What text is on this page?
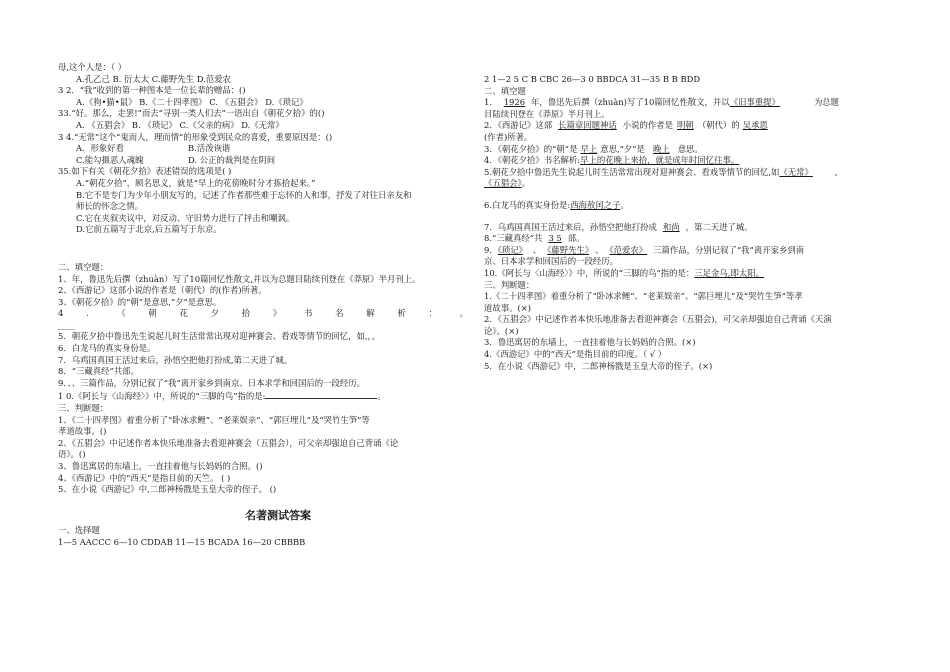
母,这个人是：（ ）
A.孔乙己 B. 衍太太 C.藤野先生 D.范爱农
3 2．“我”收到的第一种图本是一位长辈的赠品：()
A.《狗•猫•鼠》 B.《二十四孝图》 C. 《五猖会》 D.《琐记》
33.“好。那么，走罢!”而去“寻别一类人们去”一语出自《朝花夕拾》的()
A. 《五猖会》 B. 《琐记》 C.《父亲的病》 D.《无常》
3 4.“无常”这个“鬼而人，理而情”的形象受到民众的喜爱，重要原因是：()
A．形象好看	B.活泼诙谐
C.能勾摄恶人魂魄	D. 公正的裁判是在阴间
35.如下有关《朝花夕拾》表述错误的选项是( )
A.“朝花夕拾”，顾名思义，就是“早上的花傍晚时分才拣拾起来。”
B.它不是专门为少年小朋友写的，记述了作者那些难于忘怀的人和事，抒发了对往日亲友和
师长的怀念之情。
C.它在夹叙夹议中，对反动、守旧势力进行了抨击和嘲讽。
D.它前五篇写于北京,后五篇写于东京。
二、填空题：
1、年，鲁迅先后撰（zhuàn）写了10篇回忆性散文,并以为总题目陆续刊登在《莽原》半月刊上。
2、《西游记》这部小说的作者是（朝代）的(作者)所著。
3、《朝花夕拾》的“朝”是意思,“夕”是意思。
4	．	《	朝	花	夕	拾	》	书	名	解	析	：	。
____
5．朝花夕拾中鲁迅先生说起儿时生活常常出现对迎神赛会、看戏等情节的回忆，如,，。
6．白龙马的真实身份是。
7．乌鸡国真国王活过来后，孙悟空把他打扮成,第二天进了城。
8．“三藏真经”共部。
9．、、三篇作品，分别记叙了“我”离开家乡到南京、日本求学和回国后的一段经历。
1 0.《阿长与〈山海经〉》中，所说的“三脚的鸟”指的是:	。
三、判断题：
1、《二十四孝图》着重分析了“卧冰求鲤”、“老莱娱亲”、“郭巨埋儿”及“哭竹生笋”等
孝道故事。()
2、《五猖会》中记述作者本快乐地准备去看迎神赛会（五猖会），可父亲却强迫自己背诵《论
语》。()
3、鲁迅寓居的东墙上，一直挂着他与长妈妈的合照。()
4、《西游记》中的“西天”是指目前的天竺。 ( )
5、在小说《西游记》中,二郎神杨戬是玉皇大帝的侄子。 ()
名著测试答案
一、选择题
1—5 AACCC 6—10 CDDAB 11—15 BCADA 16—20 CBBBB
2 1—2 5 C B CBC 26—3 0 BBDCA 31—35 B B BDD
二、填空题
1． 1926 年，鲁迅先后撰（zhuàn)写了10篇回忆性散文，并以《旧事重提》	为总题
目陆续刊登在《莽原》半月刊上。
2．《西游记》这部 长篇章回题神话 小说的作者是 明朝 （朝代）的 吴承恩
(作者)所著。
3．《朝花夕拾》的“朝”是 早上 意思,“夕”是 晚上 意思。
4．《朝花夕拾》书名解析:早上的花晚上来拾，就是成年时回忆往事。
5.朝花夕拾中鲁迅先生说起儿时生活常常出现对迎神赛会、看戏等情节的回忆,如《无常》	,
《五猖会》。
6.白龙马的真实身份是:西海敖闰之子。
7．乌鸡国真国王活过来后，孙悟空把他打扮成 和尚 ，第二天进了城。
8.“三藏真经”共 3 5 部。
9．《琐记》 、 《藤野先生》 、 《范爱农》 三篇作品，分别记叙了“我”离开家乡到南
京、日本求学和回国后的一段经历。
10.《阿长与〈山海经〉》中，所说的“三脚的鸟”指的是：三足金乌,即太阳。
三、判断题：
1.《二十四孝图》着重分析了“卧冰求鲤”、“老莱娱亲”、“郭巨埋儿”及“哭竹生笋”等孝
道故事。(×)
2．《五猖会》中记述作者本快乐地准备去看迎神赛会（五猖会)，可父亲却强迫自己背诵《天演
论》。(×)
3．鲁迅寓居的东墙上，一直挂着他与长妈妈的合照。(×)
4.《西游记》中的“西天”是指目前的印度。（ √ ）
5．在小说《西游记》中，二郎神杨戬是玉皇大帝的侄子。(×)
